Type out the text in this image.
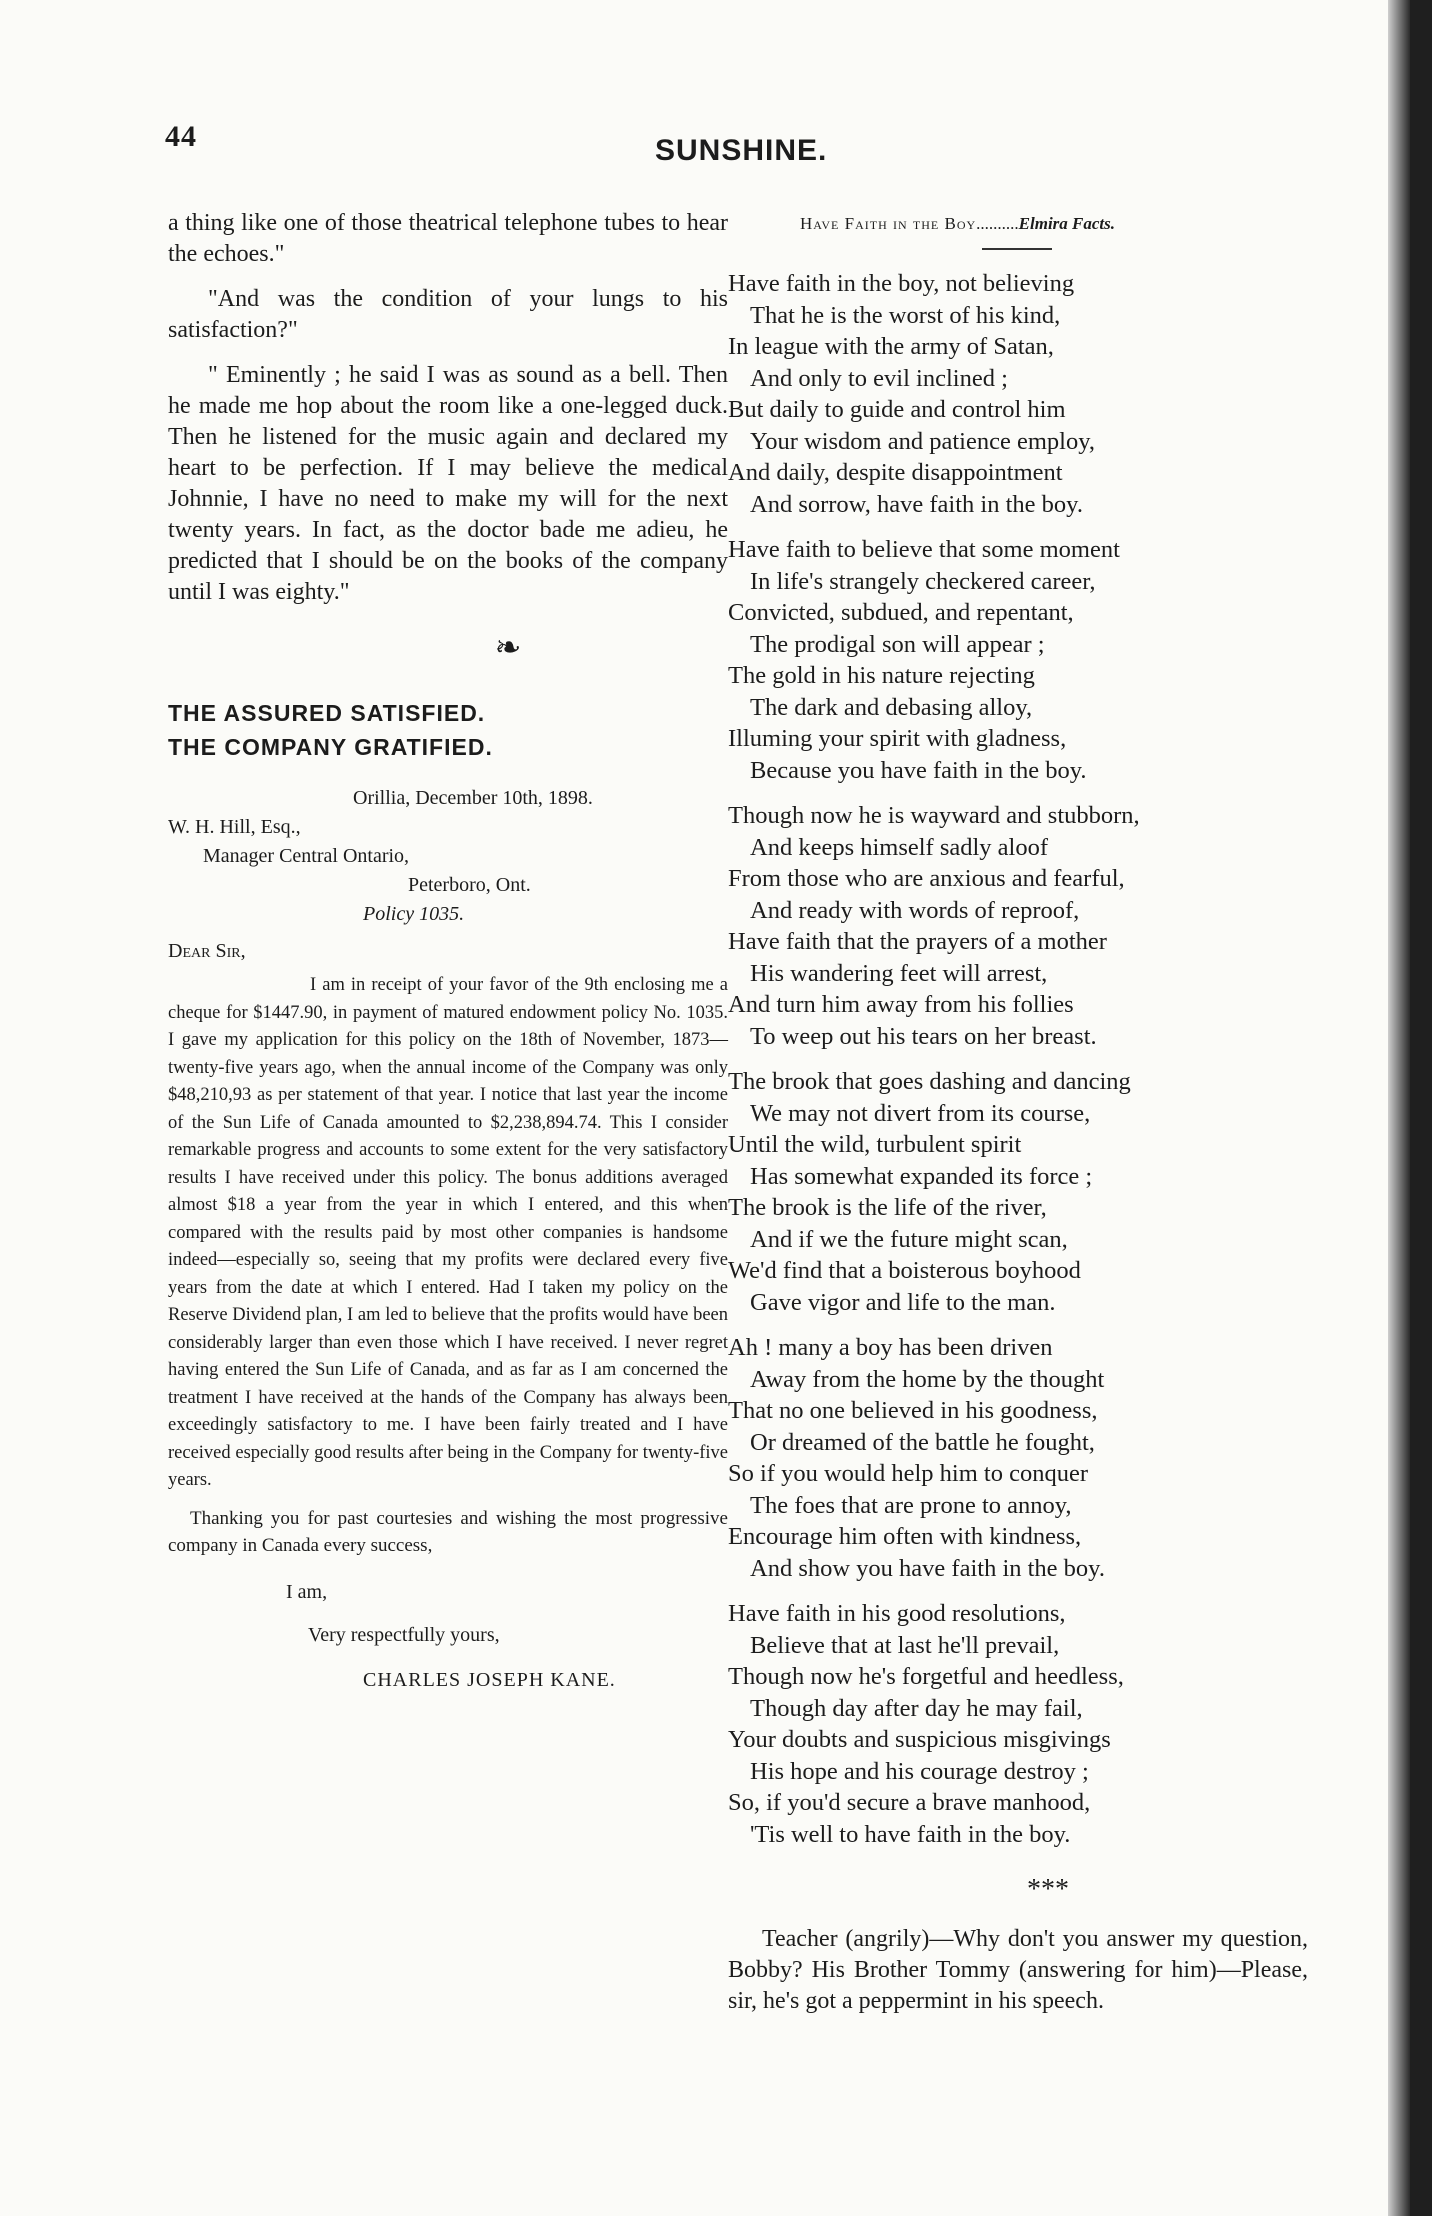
44	SUNSHINE.

a thing like one of those theatrical telephone tubes to hear the echoes."

"And was the condition of your lungs to his satisfaction?"

" Eminently ; he said I was as sound as a bell. Then he made me hop about the room like a one-legged duck. Then he listened for the music again and declared my heart to be perfection. If I may believe the medical Johnnie, I have no need to make my will for the next twenty years. In fact, as the doctor bade me adieu, he predicted that I should be on the books of the company until I was eighty."

❧
THE ASSURED SATISFIED.
THE COMPANY GRATIFIED.
Orillia, December 10th, 1898.
W. H. Hill, Esq.,
Manager Central Ontario,
Peterboro, Ont.
Policy 1035.
Dear Sir,

I am in receipt of your favor of the 9th enclosing me a cheque for $1447.90, in payment of matured endowment policy No. 1035. I gave my application for this policy on the 18th of November, 1873—twenty-five years ago, when the annual income of the Company was only $48,210,93 as per statement of that year. I notice that last year the income of the Sun Life of Canada amounted to $2,238,894.74. This I consider remarkable progress and accounts to some extent for the very satisfactory results I have received under this policy. The bonus additions averaged almost $18 a year from the year in which I entered, and this when compared with the results paid by most other companies is handsome indeed—especially so, seeing that my profits were declared every five years from the date at which I entered. Had I taken my policy on the Reserve Dividend plan, I am led to believe that the profits would have been considerably larger than even those which I have received. I never regret having entered the Sun Life of Canada, and as far as I am concerned the treatment I have received at the hands of the Company has always been exceedingly satisfactory to me. I have been fairly treated and I have received especially good results after being in the Company for twenty-five years.

Thanking you for past courtesies and wishing the most progressive company in Canada every success,

I am,
Very respectfully yours,
CHARLES JOSEPH KANE.
Have Faith in the Boy..........Elmira Facts.
Have faith in the boy, not believing
That he is the worst of his kind,
In league with the army of Satan,
And only to evil inclined ;
But daily to guide and control him
Your wisdom and patience employ,
And daily, despite disappointment
And sorrow, have faith in the boy.
Have faith to believe that some moment
In life's strangely checkered career,
Convicted, subdued, and repentant,
The prodigal son will appear ;
The gold in his nature rejecting
The dark and debasing alloy,
Illuming your spirit with gladness,
Because you have faith in the boy.
Though now he is wayward and stubborn,
And keeps himself sadly aloof
From those who are anxious and fearful,
And ready with words of reproof,
Have faith that the prayers of a mother
His wandering feet will arrest,
And turn him away from his follies
To weep out his tears on her breast.
The brook that goes dashing and dancing
We may not divert from its course,
Until the wild, turbulent spirit
Has somewhat expanded its force ;
The brook is the life of the river,
And if we the future might scan,
We'd find that a boisterous boyhood
Gave vigor and life to the man.
Ah ! many a boy has been driven
Away from the home by the thought
That no one believed in his goodness,
Or dreamed of the battle he fought,
So if you would help him to conquer
The foes that are prone to annoy,
Encourage him often with kindness,
And show you have faith in the boy.
Have faith in his good resolutions,
Believe that at last he'll prevail,
Though now he's forgetful and heedless,
Though day after day he may fail,
Your doubts and suspicious misgivings
His hope and his courage destroy ;
So, if you'd secure a brave manhood,
'Tis well to have faith in the boy.
***

Teacher (angrily)—Why don't you answer my question, Bobby? His Brother Tommy (answering for him)—Please, sir, he's got a peppermint in his speech.
